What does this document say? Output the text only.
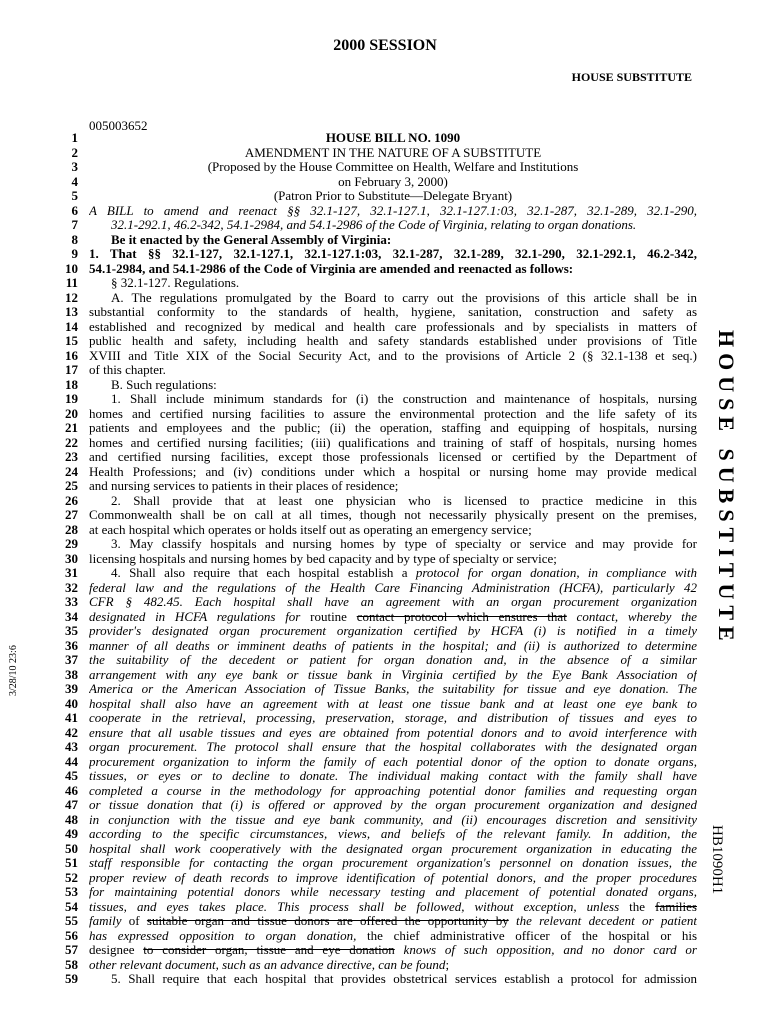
2000 SESSION
HOUSE SUBSTITUTE
005003652
HOUSE SUBSTITUTE
HB1090H1
3/28/10 23:6
1	HOUSE BILL NO. 1090
2	AMENDMENT IN THE NATURE OF A SUBSTITUTE
3	(Proposed by the House Committee on Health, Welfare and Institutions
4	on February 3, 2000)
5	(Patron Prior to Substitute—Delegate Bryant)
6 A BILL to amend and reenact §§ 32.1-127, 32.1-127.1, 32.1-127.1:03, 32.1-287, 32.1-289, 32.1-290,
7	32.1-292.1, 46.2-342, 54.1-2984, and 54.1-2986 of the Code of Virginia, relating to organ donations.
8	Be it enacted by the General Assembly of Virginia:
9 1. That §§ 32.1-127, 32.1-127.1, 32.1-127.1:03, 32.1-287, 32.1-289, 32.1-290, 32.1-292.1, 46.2-342,
10 54.1-2984, and 54.1-2986 of the Code of Virginia are amended and reenacted as follows:
11	§ 32.1-127. Regulations.
12	A. The regulations promulgated by the Board to carry out the provisions of this article shall be in
13 substantial conformity to the standards of health, hygiene, sanitation, construction and safety as
14 established and recognized by medical and health care professionals and by specialists in matters of
15 public health and safety, including health and safety standards established under provisions of Title
16 XVIII and Title XIX of the Social Security Act, and to the provisions of Article 2 (§ 32.1-138 et seq.)
17 of this chapter.
18	B. Such regulations:
19	1. Shall include minimum standards for (i) the construction and maintenance of hospitals, nursing
20 homes and certified nursing facilities to assure the environmental protection and the life safety of its
21 patients and employees and the public; (ii) the operation, staffing and equipping of hospitals, nursing
22 homes and certified nursing facilities; (iii) qualifications and training of staff of hospitals, nursing homes
23 and certified nursing facilities, except those professionals licensed or certified by the Department of
24 Health Professions; and (iv) conditions under which a hospital or nursing home may provide medical
25 and nursing services to patients in their places of residence;
26	2. Shall provide that at least one physician who is licensed to practice medicine in this
27 Commonwealth shall be on call at all times, though not necessarily physically present on the premises,
28 at each hospital which operates or holds itself out as operating an emergency service;
29	3. May classify hospitals and nursing homes by type of specialty or service and may provide for
30 licensing hospitals and nursing homes by bed capacity and by type of specialty or service;
31	4. Shall also require that each hospital establish a protocol for organ donation, in compliance with
32 federal law and the regulations of the Health Care Financing Administration (HCFA), particularly 42
33 CFR § 482.45. Each hospital shall have an agreement with an organ procurement organization
34 designated in HCFA regulations for routine contact protocol which ensures that contact, whereby the
35 provider's designated organ procurement organization certified by HCFA (i) is notified in a timely
36 manner of all deaths or imminent deaths of patients in the hospital; and (ii) is authorized to determine
37 the suitability of the decedent or patient for organ donation and, in the absence of a similar
38 arrangement with any eye bank or tissue bank in Virginia certified by the Eye Bank Association of
39 America or the American Association of Tissue Banks, the suitability for tissue and eye donation. The
40 hospital shall also have an agreement with at least one tissue bank and at least one eye bank to
41 cooperate in the retrieval, processing, preservation, storage, and distribution of tissues and eyes to
42 ensure that all usable tissues and eyes are obtained from potential donors and to avoid interference with
43 organ procurement. The protocol shall ensure that the hospital collaborates with the designated organ
44 procurement organization to inform the family of each potential donor of the option to donate organs,
45 tissues, or eyes or to decline to donate. The individual making contact with the family shall have
46 completed a course in the methodology for approaching potential donor families and requesting organ
47 or tissue donation that (i) is offered or approved by the organ procurement organization and designed
48 in conjunction with the tissue and eye bank community, and (ii) encourages discretion and sensitivity
49 according to the specific circumstances, views, and beliefs of the relevant family. In addition, the
50 hospital shall work cooperatively with the designated organ procurement organization in educating the
51 staff responsible for contacting the organ procurement organization's personnel on donation issues, the
52 proper review of death records to improve identification of potential donors, and the proper procedures
53 for maintaining potential donors while necessary testing and placement of potential donated organs,
54 tissues, and eyes takes place. This process shall be followed, without exception, unless the families
55 family of suitable organ and tissue donors are offered the opportunity by the relevant decedent or patient
56 has expressed opposition to organ donation, the chief administrative officer of the hospital or his
57 designee to consider organ, tissue and eye donation knows of such opposition, and no donor card or
58 other relevant document, such as an advance directive, can be found;
59	5. Shall require that each hospital that provides obstetrical services establish a protocol for admission
